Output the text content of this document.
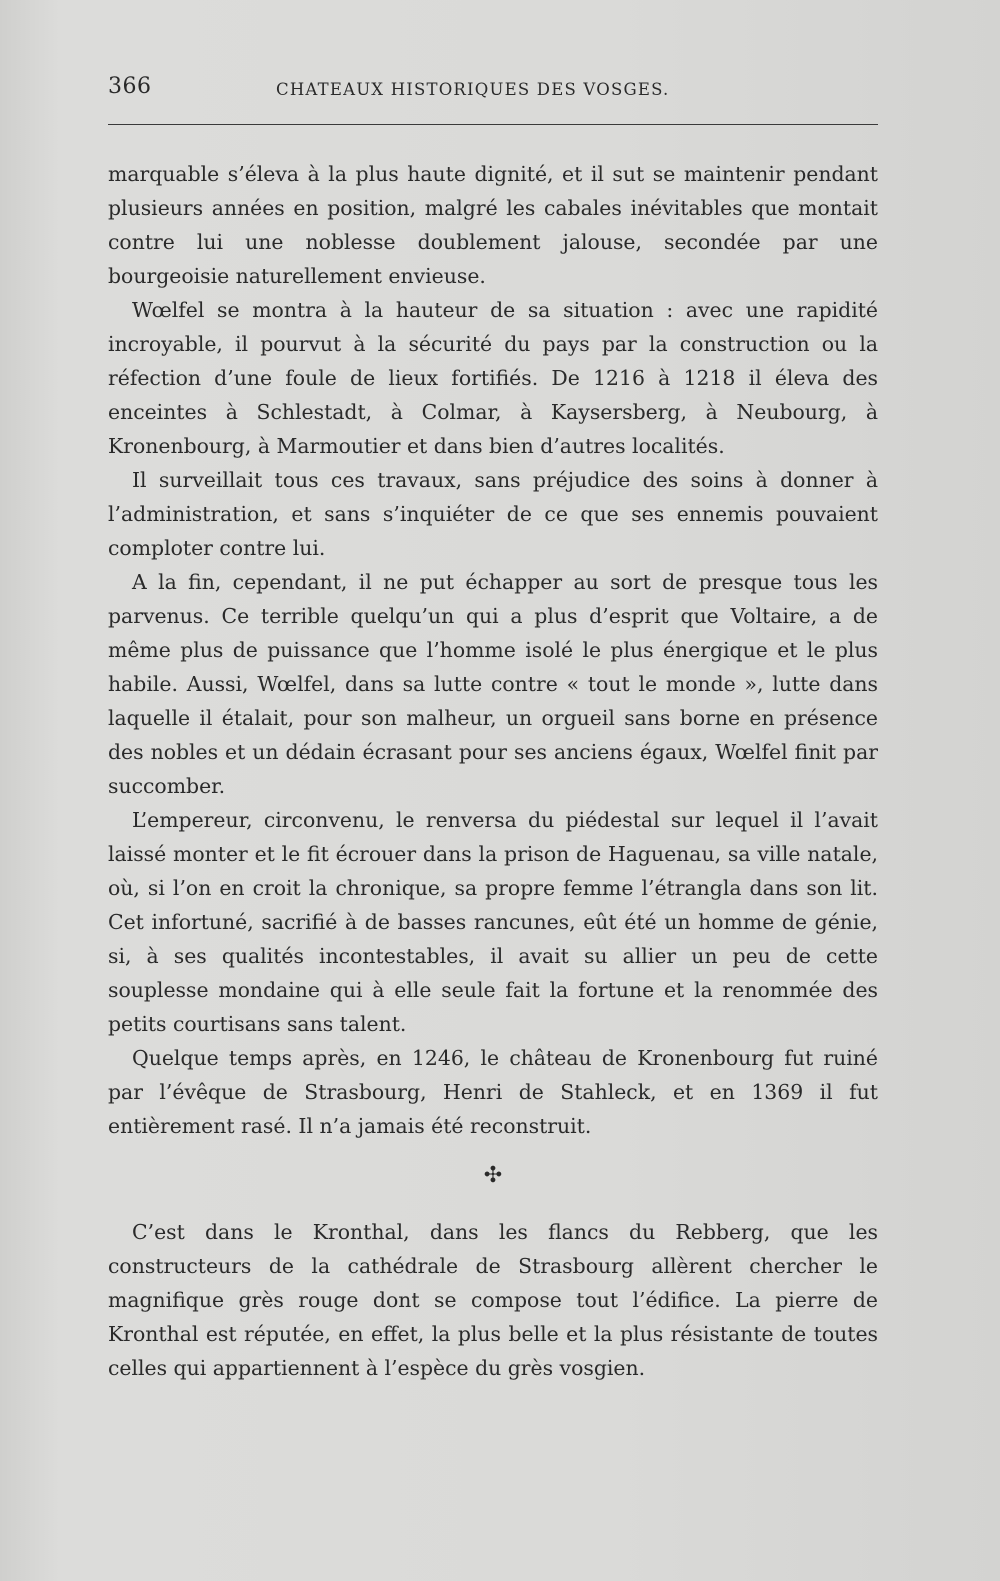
366	CHATEAUX HISTORIQUES DES VOSGES.

marquable s’éleva à la plus haute dignité, et il sut se maintenir pendant plusieurs années en position, malgré les cabales inévitables que montait contre lui une noblesse doublement jalouse, secondée par une bourgeoisie naturellement envieuse.

Wœlfel se montra à la hauteur de sa situation : avec une rapidité incroyable, il pourvut à la sécurité du pays par la construction ou la réfection d’une foule de lieux fortifiés. De 1216 à 1218 il éleva des enceintes à Schlestadt, à Colmar, à Kaysersberg, à Neubourg, à Kronenbourg, à Marmoutier et dans bien d’autres localités.

Il surveillait tous ces travaux, sans préjudice des soins à donner à l’administration, et sans s’inquiéter de ce que ses ennemis pouvaient comploter contre lui.

A la fin, cependant, il ne put échapper au sort de presque tous les parvenus. Ce terrible quelqu’un qui a plus d’esprit que Voltaire, a de même plus de puissance que l’homme isolé le plus énergique et le plus habile. Aussi, Wœlfel, dans sa lutte contre « tout le monde », lutte dans laquelle il étalait, pour son malheur, un orgueil sans borne en présence des nobles et un dédain écrasant pour ses anciens égaux, Wœlfel finit par succomber.

L’empereur, circonvenu, le renversa du piédestal sur lequel il l’avait laissé monter et le fit écrouer dans la prison de Haguenau, sa ville natale, où, si l’on en croit la chronique, sa propre femme l’étrangla dans son lit. Cet infortuné, sacrifié à de basses rancunes, eût été un homme de génie, si, à ses qualités incontestables, il avait su allier un peu de cette souplesse mondaine qui à elle seule fait la fortune et la renommée des petits courtisans sans talent.

Quelque temps après, en 1246, le château de Kronenbourg fut ruiné par l’évêque de Strasbourg, Henri de Stahleck, et en 1369 il fut entièrement rasé. Il n’a jamais été reconstruit.

✣

C’est dans le Kronthal, dans les flancs du Rebberg, que les constructeurs de la cathédrale de Strasbourg allèrent chercher le magnifique grès rouge dont se compose tout l’édifice. La pierre de Kronthal est réputée, en effet, la plus belle et la plus résistante de toutes celles qui appartiennent à l’espèce du grès vosgien.
